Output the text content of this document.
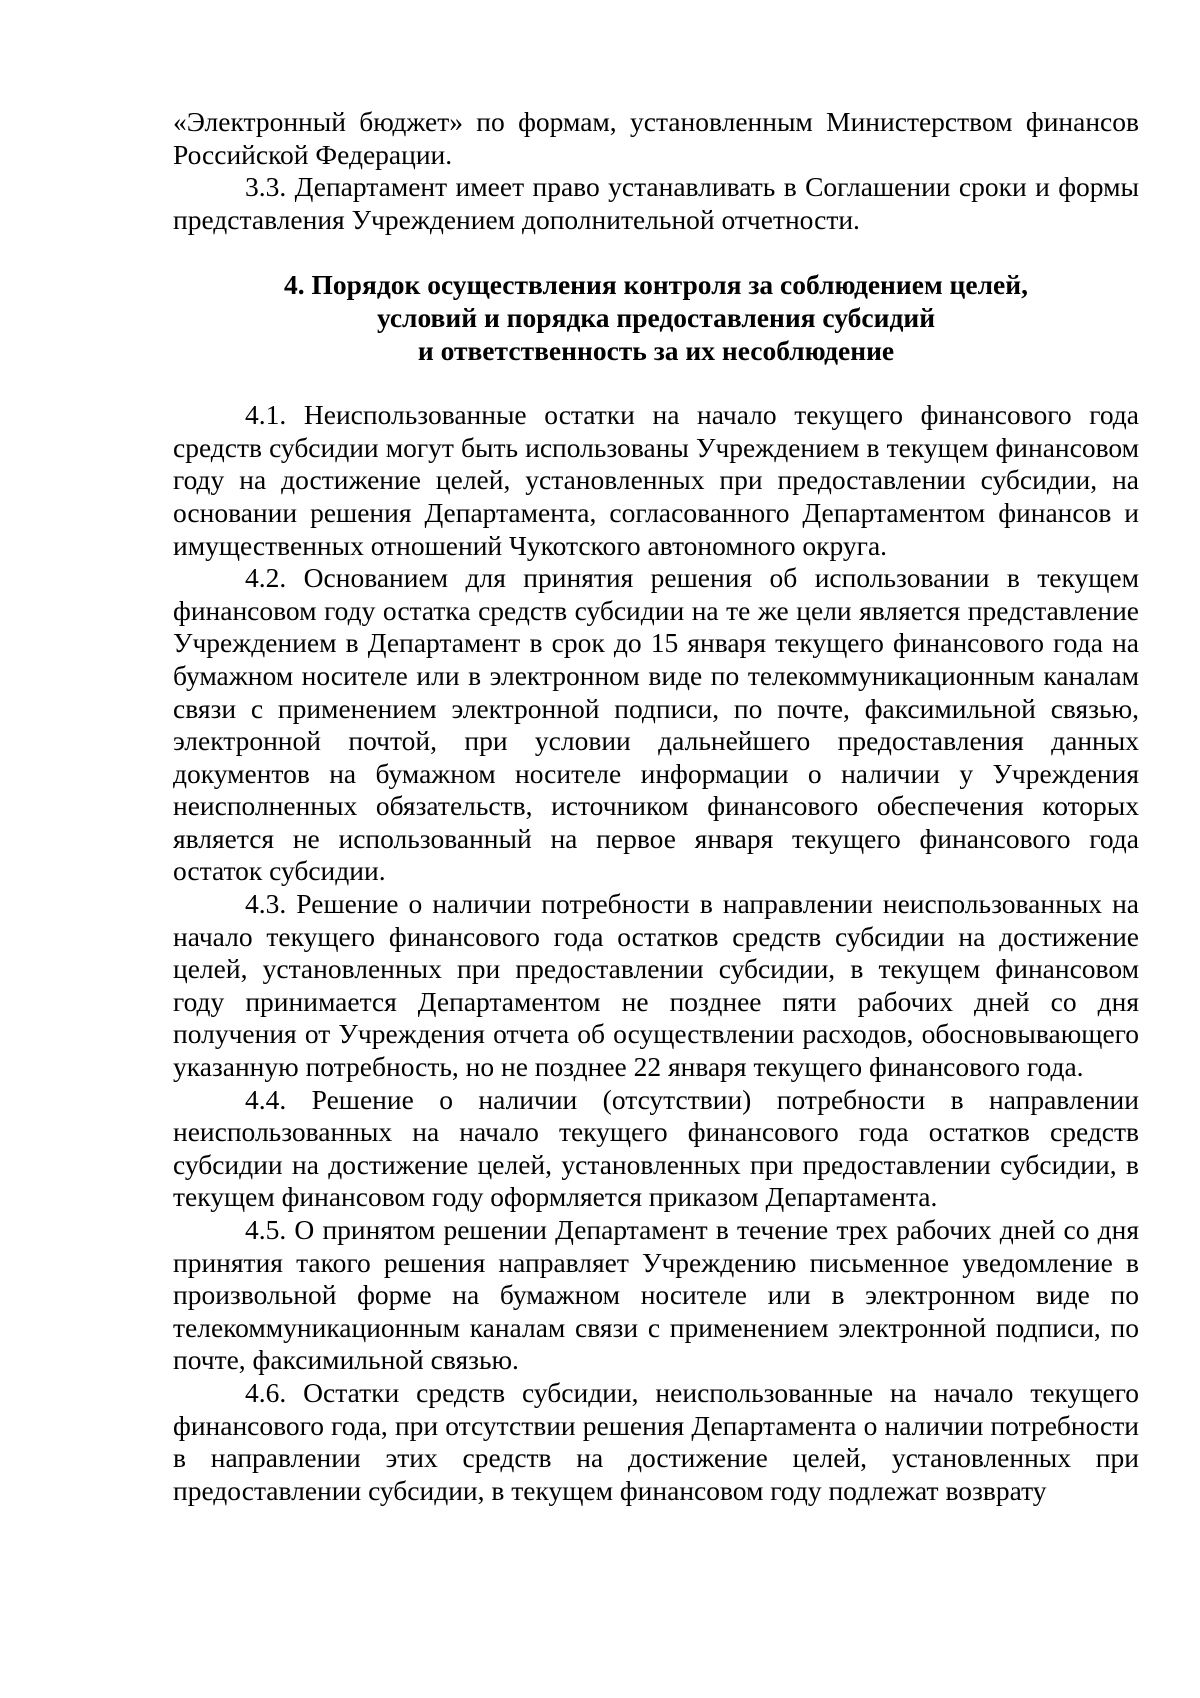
«Электронный бюджет» по формам, установленным Министерством финансов Российской Федерации.

3.3. Департамент имеет право устанавливать в Соглашении сроки и формы представления Учреждением дополнительной отчетности.

4. Порядок осуществления контроля за соблюдением целей,
условий и порядка предоставления субсидий
и ответственность за их несоблюдение

4.1. Неиспользованные остатки на начало текущего финансового года средств субсидии могут быть использованы Учреждением в текущем финансовом году на достижение целей, установленных при предоставлении субсидии, на основании решения Департамента, согласованного Департаментом финансов и имущественных отношений Чукотского автономного округа.

4.2. Основанием для принятия решения об использовании в текущем финансовом году остатка средств субсидии на те же цели является представление Учреждением в Департамент в срок до 15 января текущего финансового года на бумажном носителе или в электронном виде по телекоммуникационным каналам связи с применением электронной подписи, по почте, факсимильной связью, электронной почтой, при условии дальнейшего предоставления данных документов на бумажном носителе информации о наличии у Учреждения неисполненных обязательств, источником финансового обеспечения которых является не использованный на первое января текущего финансового года остаток субсидии.

4.3. Решение о наличии потребности в направлении неиспользованных на начало текущего финансового года остатков средств субсидии на достижение целей, установленных при предоставлении субсидии, в текущем финансовом году принимается Департаментом не позднее пяти рабочих дней со дня получения от Учреждения отчета об осуществлении расходов, обосновывающего указанную потребность, но не позднее 22 января текущего финансового года.

4.4. Решение о наличии (отсутствии) потребности в направлении неиспользованных на начало текущего финансового года остатков средств субсидии на достижение целей, установленных при предоставлении субсидии, в текущем финансовом году оформляется приказом Департамента.

4.5. О принятом решении Департамент в течение трех рабочих дней со дня принятия такого решения направляет Учреждению письменное уведомление в произвольной форме на бумажном носителе или в электронном виде по телекоммуникационным каналам связи с применением электронной подписи, по почте, факсимильной связью.

4.6. Остатки средств субсидии, неиспользованные на начало текущего финансового года, при отсутствии решения Департамента о наличии потребности в направлении этих средств на достижение целей, установленных при предоставлении субсидии, в текущем финансовом году подлежат возврату
